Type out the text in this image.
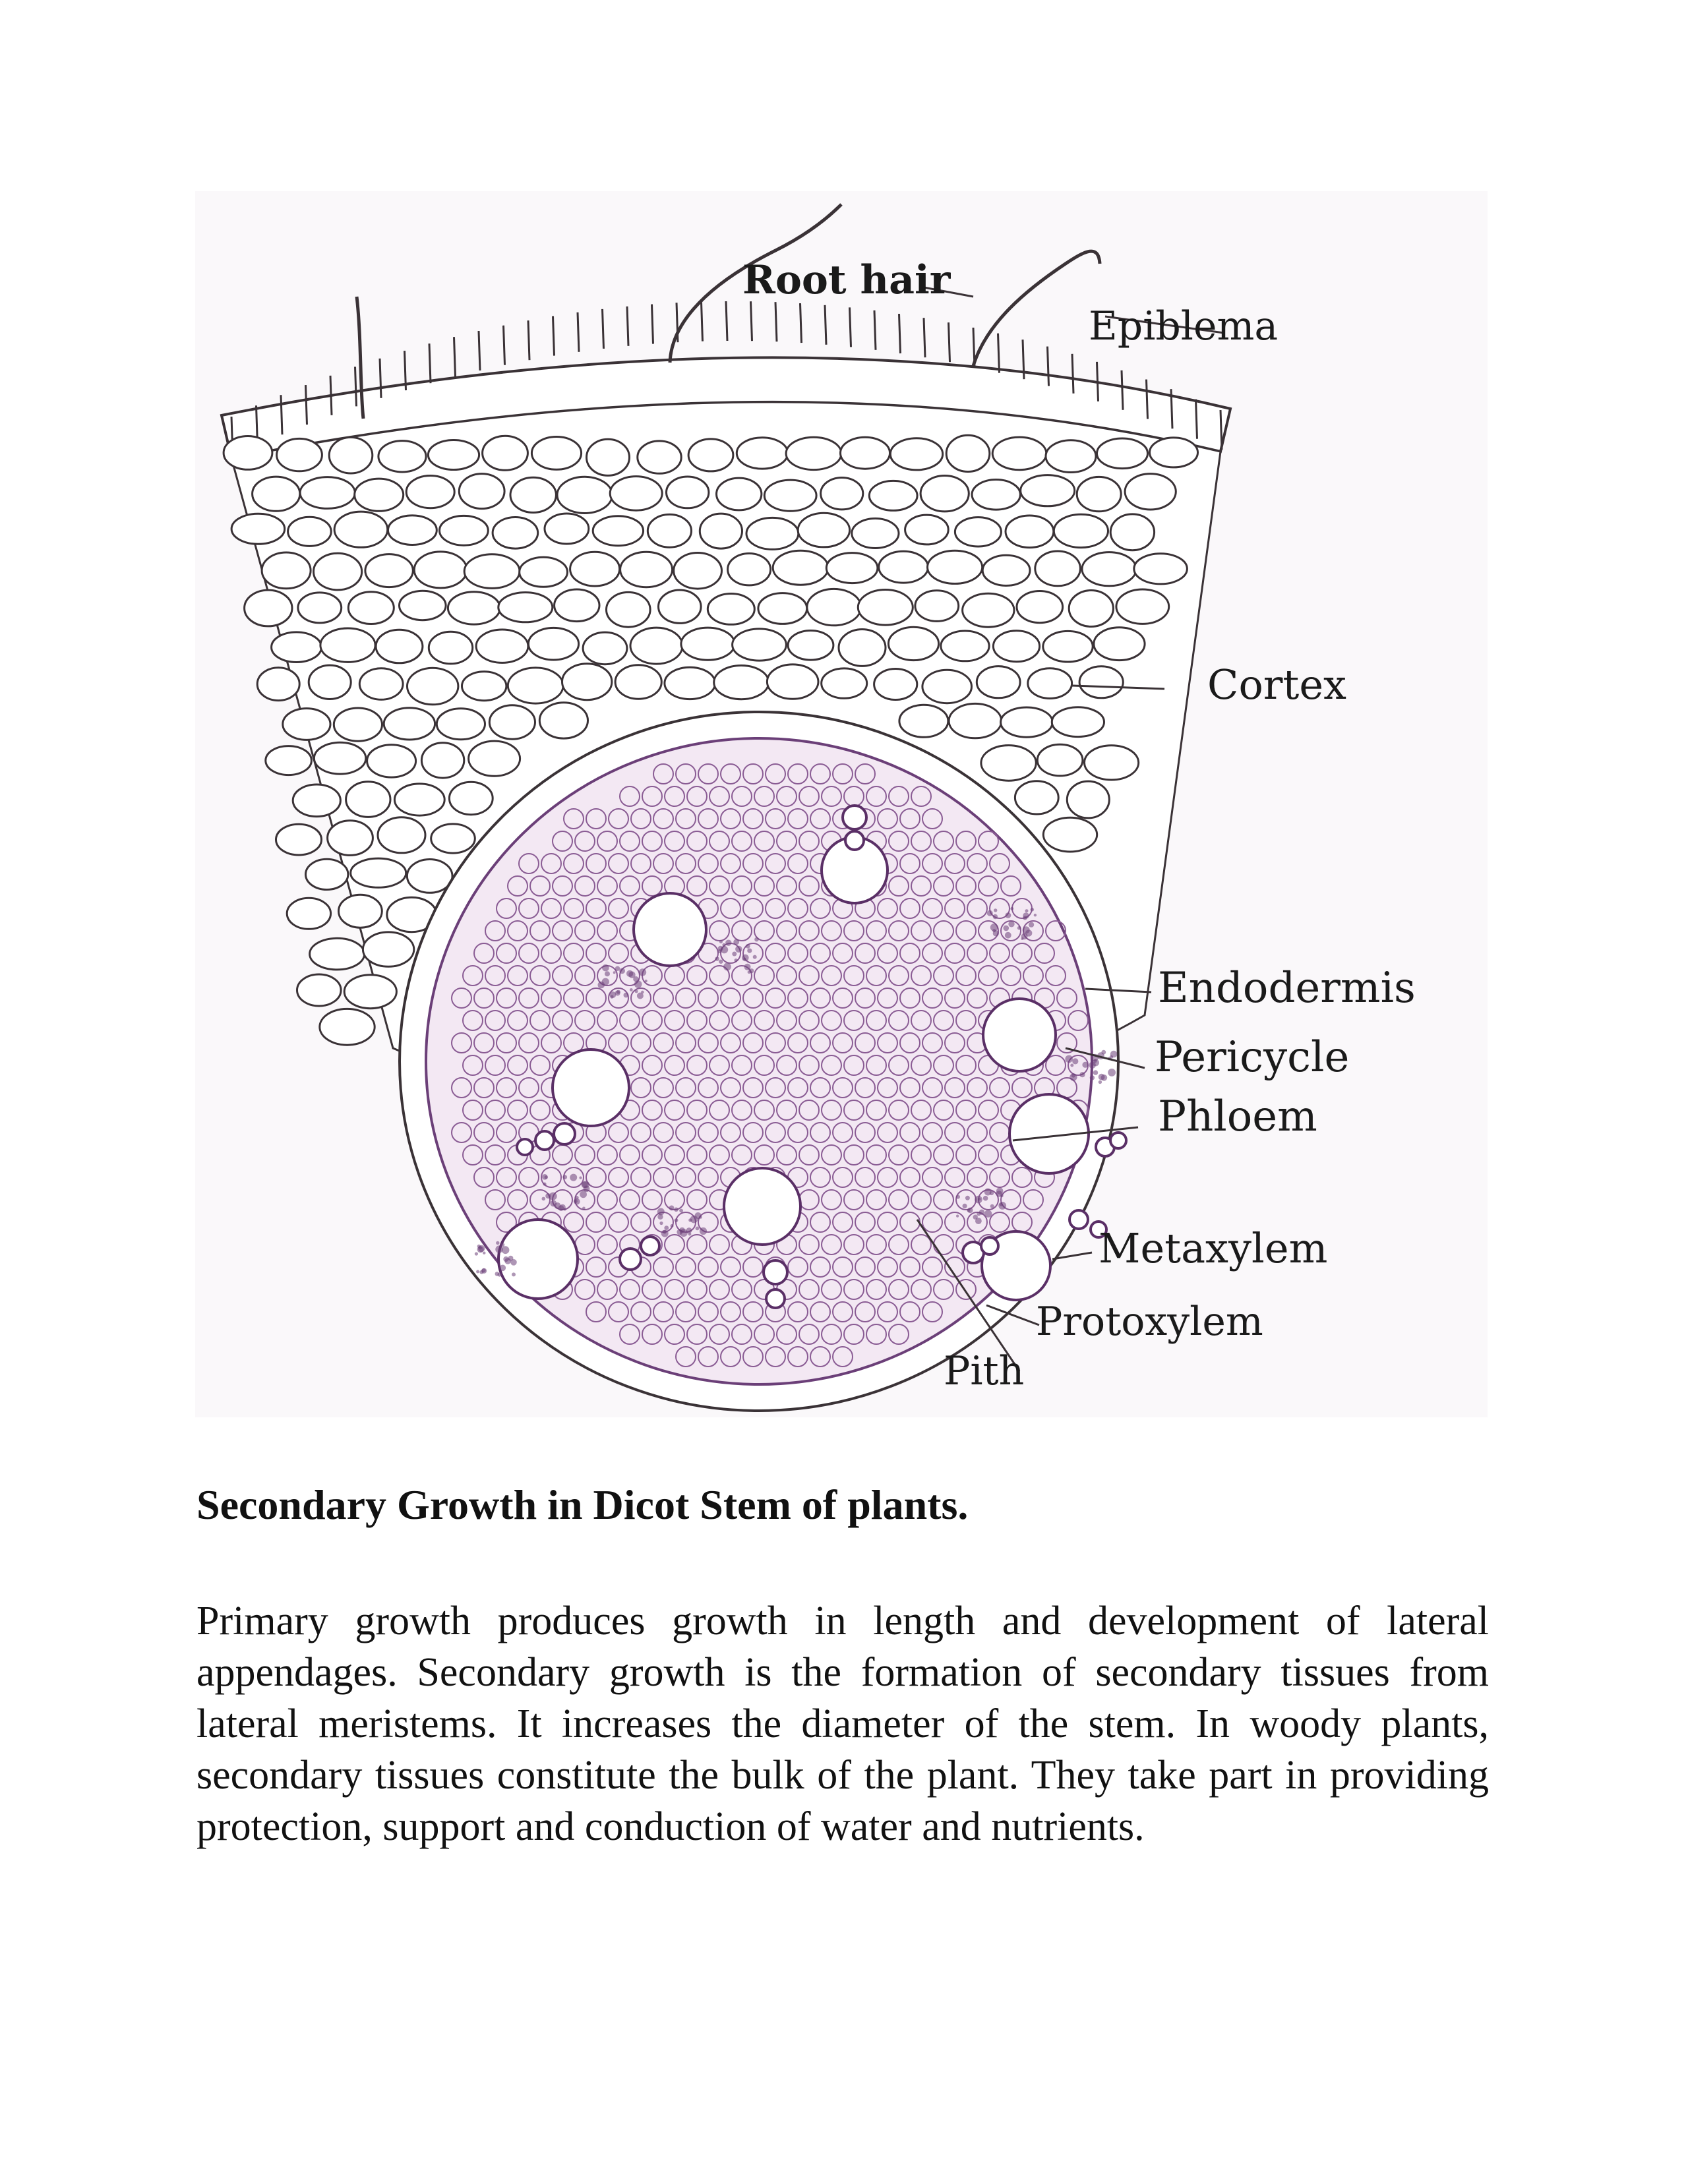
Root hair
Epiblema
Cortex
Endodermis
Pericycle
Phloem
Metaxylem
Protoxylem
Pith
Secondary Growth in Dicot Stem of plants.

Primary growth produces growth in length and development of lateral appendages. Secondary growth is the formation of secondary tissues from lateral meristems. It increases the diameter of the stem. In woody plants, secondary tissues constitute the bulk of the plant. They take part in providing protection, support and conduction of water and nutrients.
